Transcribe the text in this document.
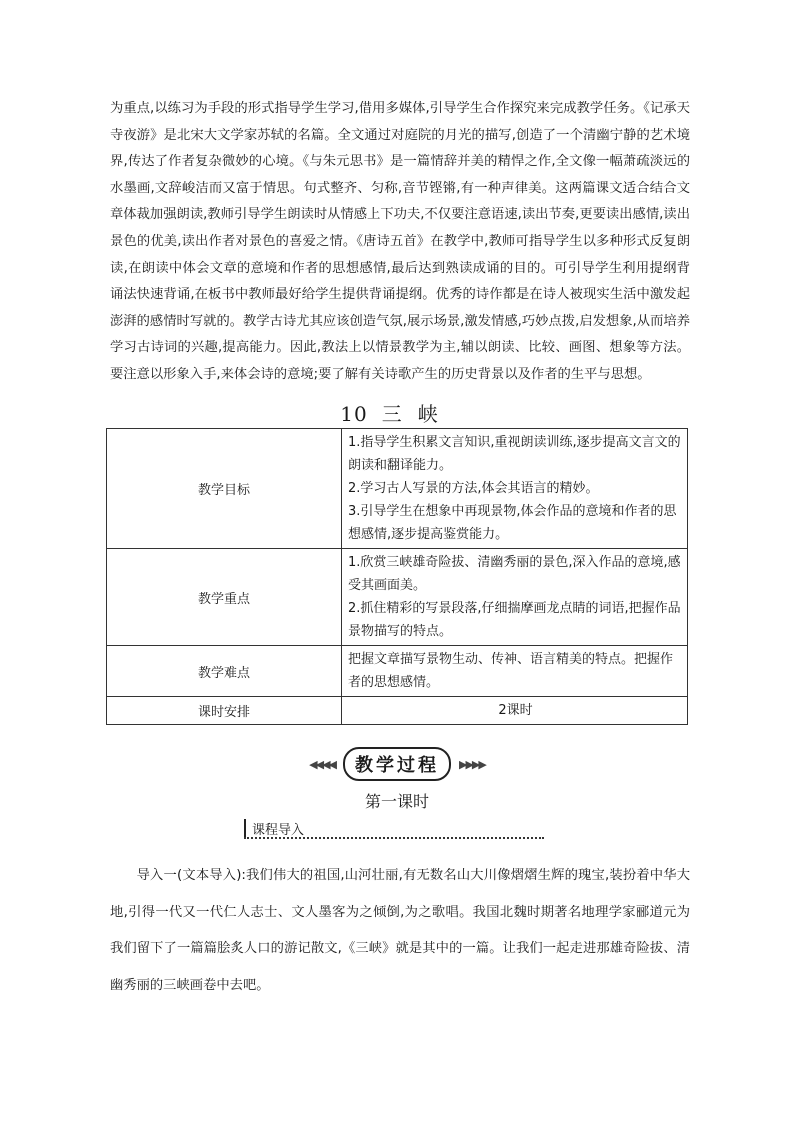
为重点,以练习为手段的形式指导学生学习,借用多媒体,引导学生合作探究来完成教学任务。《记承天寺夜游》是北宋大文学家苏轼的名篇。全文通过对庭院的月光的描写,创造了一个清幽宁静的艺术境界,传达了作者复杂微妙的心境。《与朱元思书》是一篇情辞并美的精悍之作,全文像一幅萧疏淡远的水墨画,文辞峻洁而又富于情思。句式整齐、匀称,音节铿锵,有一种声律美。这两篇课文适合结合文章体裁加强朗读,教师引导学生朗读时从情感上下功夫,不仅要注意语速,读出节奏,更要读出感情,读出景色的优美,读出作者对景色的喜爱之情。《唐诗五首》在教学中,教师可指导学生以多种形式反复朗读,在朗读中体会文章的意境和作者的思想感情,最后达到熟读成诵的目的。可引导学生利用提纲背诵法快速背诵,在板书中教师最好给学生提供背诵提纲。优秀的诗作都是在诗人被现实生活中激发起澎湃的感情时写就的。教学古诗尤其应该创造气氛,展示场景,激发情感,巧妙点拨,启发想象,从而培养学习古诗词的兴趣,提高能力。因此,教法上以情景教学为主,辅以朗读、比较、画图、想象等方法。要注意以形象入手,来体会诗的意境;要了解有关诗歌产生的历史背景以及作者的生平与思想。

10 三峡
教学目标	1.指导学生积累文言知识,重视朗读训练,逐步提高文言文的朗读和翻译能力。
2.学习古人写景的方法,体会其语言的精妙。
3.引导学生在想象中再现景物,体会作品的意境和作者的思想感情,逐步提高鉴赏能力。

教学重点	1.欣赏三峡雄奇险拔、清幽秀丽的景色,深入作品的意境,感受其画面美。
2.抓住精彩的写景段落,仔细揣摩画龙点睛的词语,把握作品景物描写的特点。

教学难点	把握文章描写景物生动、传神、语言精美的特点。把握作者的思想感情。
课时安排	2课时
◀◀◀◀	教学过程	▶▶▶▶
第一课时
课程导入

导入一(文本导入):我们伟大的祖国,山河壮丽,有无数名山大川像熠熠生辉的瑰宝,装扮着中华大地,引得一代又一代仁人志士、文人墨客为之倾倒,为之歌唱。我国北魏时期著名地理学家郦道元为我们留下了一篇篇脍炙人口的游记散文,《三峡》就是其中的一篇。让我们一起走进那雄奇险拔、清幽秀丽的三峡画卷中去吧。
